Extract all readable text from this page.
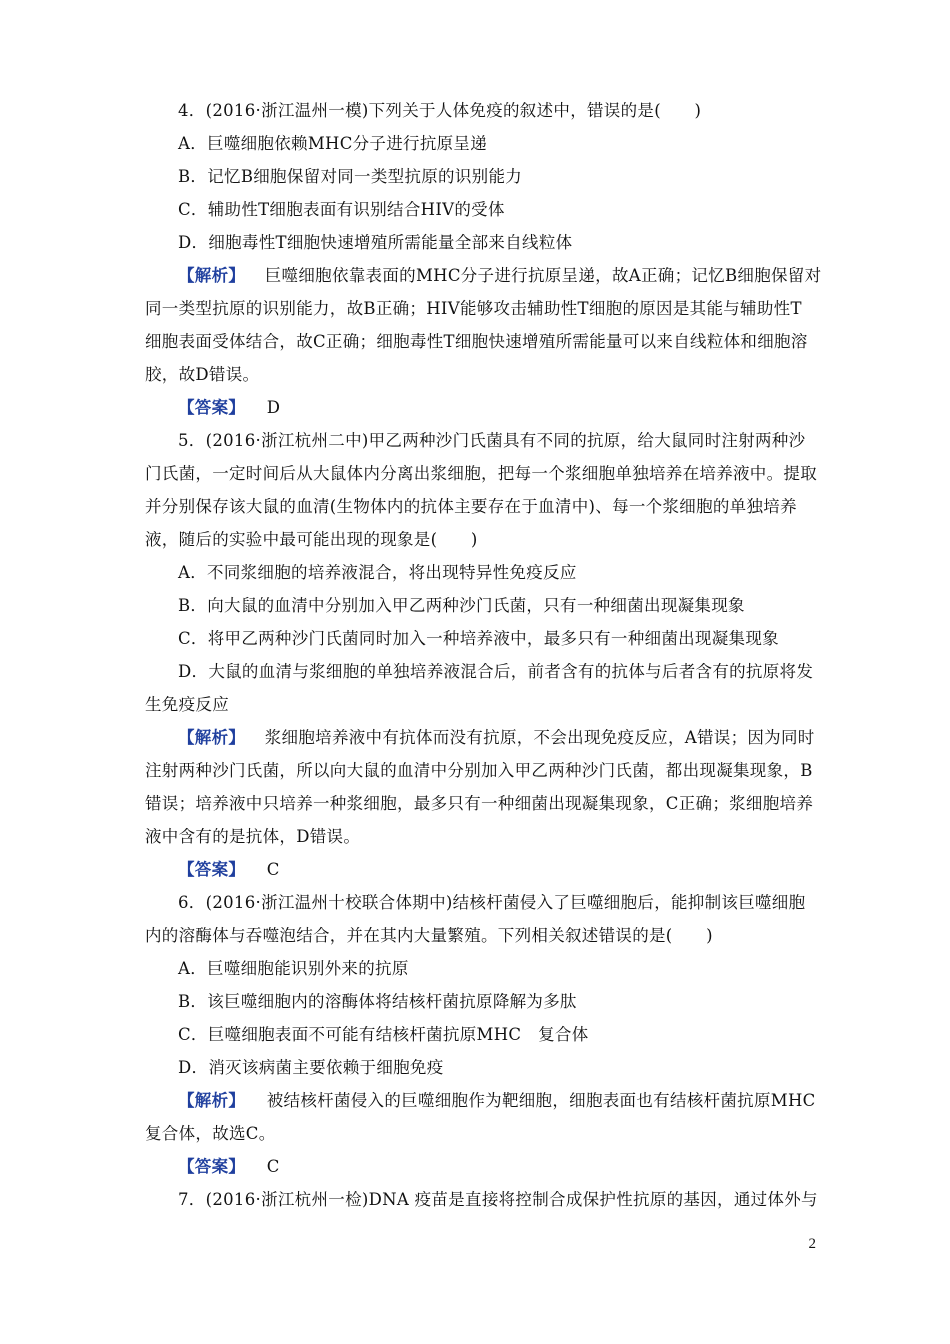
4．(2016·浙江温州一模)下列关于人体免疫的叙述中，错误的是(　　)
A．巨噬细胞依赖MHC分子进行抗原呈递
B．记忆B细胞保留对同一类型抗原的识别能力
C．辅助性T细胞表面有识别结合HIV的受体
D．细胞毒性T细胞快速增殖所需能量全部来自线粒体
【解析】 巨噬细胞依靠表面的MHC分子进行抗原呈递，故A正确；记忆B细胞保留对
同一类型抗原的识别能力，故B正确；HIV能够攻击辅助性T细胞的原因是其能与辅助性T
细胞表面受体结合，故C正确；细胞毒性T细胞快速增殖所需能量可以来自线粒体和细胞溶
胶，故D错误。
【答案】 D
5．(2016·浙江杭州二中)甲乙两种沙门氏菌具有不同的抗原，给大鼠同时注射两种沙
门氏菌，一定时间后从大鼠体内分离出浆细胞，把每一个浆细胞单独培养在培养液中。提取
并分别保存该大鼠的血清(生物体内的抗体主要存在于血清中)、每一个浆细胞的单独培养
液，随后的实验中最可能出现的现象是(　　)
A．不同浆细胞的培养液混合，将出现特异性免疫反应
B．向大鼠的血清中分别加入甲乙两种沙门氏菌，只有一种细菌出现凝集现象
C．将甲乙两种沙门氏菌同时加入一种培养液中，最多只有一种细菌出现凝集现象
D．大鼠的血清与浆细胞的单独培养液混合后，前者含有的抗体与后者含有的抗原将发
生免疫反应
【解析】 浆细胞培养液中有抗体而没有抗原，不会出现免疫反应，A错误；因为同时
注射两种沙门氏菌，所以向大鼠的血清中分别加入甲乙两种沙门氏菌，都出现凝集现象，B
错误；培养液中只培养一种浆细胞，最多只有一种细菌出现凝集现象，C正确；浆细胞培养
液中含有的是抗体，D错误。
【答案】 C
6．(2016·浙江温州十校联合体期中)结核杆菌侵入了巨噬细胞后，能抑制该巨噬细胞
内的溶酶体与吞噬泡结合，并在其内大量繁殖。下列相关叙述错误的是(　　)
A．巨噬细胞能识别外来的抗原
B．该巨噬细胞内的溶酶体将结核杆菌抗原降解为多肽
C．巨噬细胞表面不可能有结核杆菌抗原MHC　复合体
D．消灭该病菌主要依赖于细胞免疫
【解析】 被结核杆菌侵入的巨噬细胞作为靶细胞，细胞表面也有结核杆菌抗原MHC
复合体，故选C。
【答案】 C
7．(2016·浙江杭州一检)DNA 疫苗是直接将控制合成保护性抗原的基因，通过体外与
2
